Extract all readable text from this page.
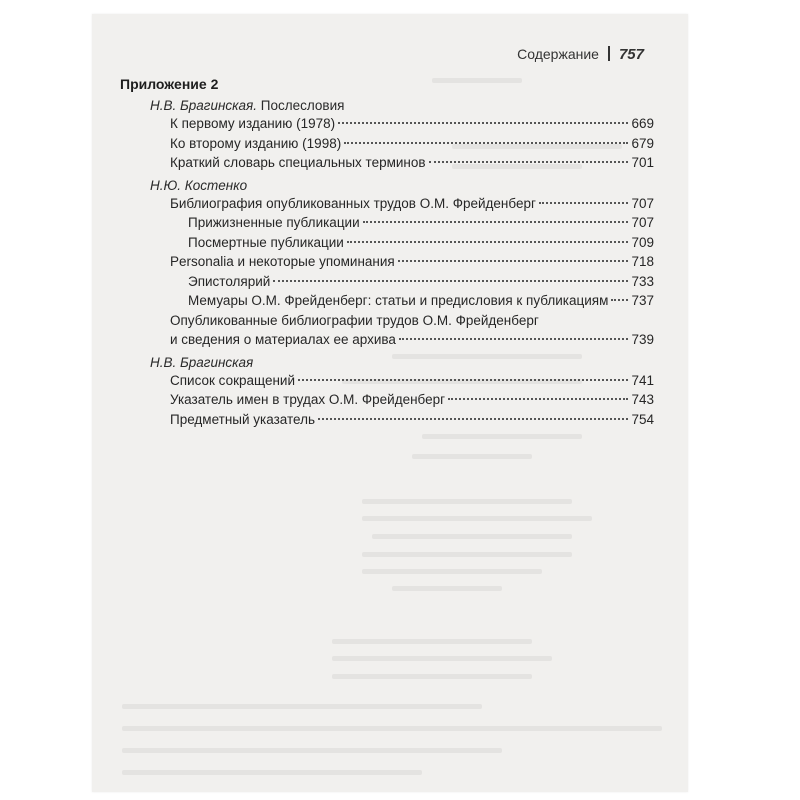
Содержание 757
Приложение 2
Н.В. Брагинская. Послесловия
К первому изданию (1978)	669
Ко второму изданию (1998)	679
Краткий словарь специальных терминов	701
Н.Ю. Костенко
Библиография опубликованных трудов О.М. Фрейденберг	707
Прижизненные публикации	707
Посмертные публикации	709
Personalia и некоторые упоминания	718
Эпистолярий	733
Мемуары О.М. Фрейденберг: статьи и предисловия к публикациям 737
Опубликованные библиографии трудов О.М. Фрейденберг
и сведения о материалах ее архива	739
Н.В. Брагинская
Список сокращений	741
Указатель имен в трудах О.М. Фрейденберг	743
Предметный указатель	754
